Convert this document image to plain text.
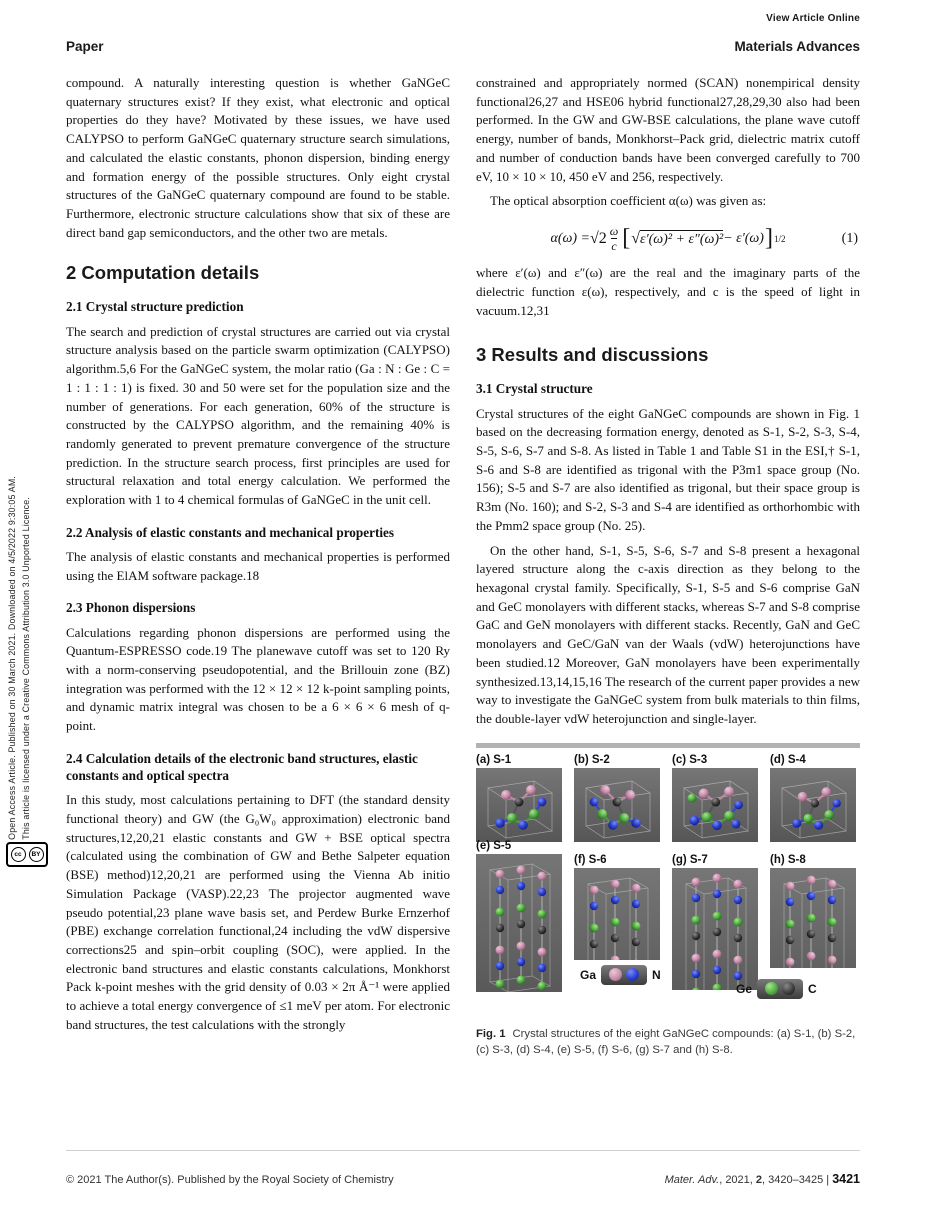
View Article Online
Paper	Materials Advances
Open Access Article. Published on 30 March 2021. Downloaded on 4/5/2022 9:30:05 AM. This article is licensed under a Creative Commons Attribution 3.0 Unported Licence.
cc	BY

compound. A naturally interesting question is whether GaNGeC quaternary structures exist? If they exist, what electronic and optical properties do they have? Motivated by these issues, we have used CALYPSO to perform GaNGeC quaternary structure search simulations, and calculated the elastic constants, phonon dispersion, binding energy and formation energy of the possible structures. Only eight crystal structures of the GaNGeC quaternary compound are found to be stable. Furthermore, electronic structure calculations show that six of these are direct band gap semiconductors, and the other two are metals.

2 Computation details
2.1 Crystal structure prediction

The search and prediction of crystal structures are carried out via crystal structure analysis based on the particle swarm optimization (CALYPSO) algorithm.5,6 For the GaNGeC system, the molar ratio (Ga : N : Ge : C = 1 : 1 : 1 : 1) is fixed. 30 and 50 were set for the population size and the number of generations. For each generation, 60% of the structure is constructed by the CALYPSO algorithm, and the remaining 40% is randomly generated to prevent premature convergence of the structure prediction. In the structure search process, first principles are used for structural relaxation and total energy calculation. We performed the exploration with 1 to 4 chemical formulas of GaNGeC in the unit cell.

2.2 Analysis of elastic constants and mechanical properties

The analysis of elastic constants and mechanical properties is performed using the ElAM software package.18

2.3 Phonon dispersions

Calculations regarding phonon dispersions are performed using the Quantum-ESPRESSO code.19 The planewave cutoff was set to 120 Ry with a norm-conserving pseudopotential, and the Brillouin zone (BZ) integration was performed with the 12 × 12 × 12 k-point sampling points, and dynamic matrix integral was chosen to be a 6 × 6 × 6 mesh of q-point.

2.4 Calculation details of the electronic band structures, elastic constants and optical spectra

In this study, most calculations pertaining to DFT (the standard density functional theory) and GW (the G₀W₀ approximation) electronic band structures,12,20,21 elastic constants and GW + BSE optical spectra (calculated using the combination of GW and Bethe Salpeter equation (BSE) method)12,20,21 are performed using the Vienna Ab initio Simulation Package (VASP).22,23 The projector augmented wave pseudo potential,23 plane wave basis set, and Perdew Burke Ernzerhof (PBE) exchange correlation functional,24 including the vdW dispersive corrections25 and spin–orbit coupling (SOC), were applied. In the electronic band structures and elastic constants calculations, Monkhorst Pack k-point meshes with the grid density of 0.03 × 2π Å⁻¹ were applied to achieve a total energy convergence of ≤1 meV per atom. For electronic band structures, the test calculations with the strongly

constrained and appropriately normed (SCAN) nonempirical density functional26,27 and HSE06 hybrid functional27,28,29,30 also had been performed. In the GW and GW-BSE calculations, the plane wave cutoff energy, number of bands, Monkhorst–Pack grid, dielectric matrix cutoff and number of conduction bands have been converged carefully to 700 eV, 10 × 10 × 10, 450 eV and 256, respectively.

The optical absorption coefficient α(ω) was given as:

$\alpha(\omega) = √2 \frac{\omega}{c}$ [ √ ε′(ω)² + ε″(ω)² − ε′(ω) ] 1/2	(1)

where ε′(ω) and ε″(ω) are the real and the imaginary parts of the dielectric function ε(ω), respectively, and c is the speed of light in vacuum.12,31

3 Results and discussions
3.1 Crystal structure

Crystal structures of the eight GaNGeC compounds are shown in Fig. 1 based on the decreasing formation energy, denoted as S-1, S-2, S-3, S-4, S-5, S-6, S-7 and S-8. As listed in Table 1 and Table S1 in the ESI,† S-1, S-6 and S-8 are identified as trigonal with the P3m1 space group (No. 156); S-5 and S-7 are also identified as trigonal, but their space group is R3m (No. 160); and S-2, S-3 and S-4 are identified as orthorhombic with the Pmm2 space group (No. 25).

On the other hand, S-1, S-5, S-6, S-7 and S-8 present a hexagonal layered structure along the c-axis direction as they belong to the hexagonal crystal family. Specifically, S-1, S-5 and S-6 comprise GaN and GeC monolayers with different stacks, whereas S-7 and S-8 comprise GaC and GeN monolayers with different stacks. Recently, GaN and GeC monolayers and GeC/GaN van der Waals (vdW) heterojunctions have been studied.12 Moreover, GaN monolayers have been experimentally synthesized.13,14,15,16 The research of the current paper provides a new way to investigate the GaNGeC system from bulk materials to thin films, the double-layer vdW heterojunction and single-layer.

(a) S-1	(b) S-2	(c) S-3	(d) S-4
(e) S-5
(f) S-6	(g) S-7	(h) S-8
Ga	N
Ge	C

Fig. 1 Crystal structures of the eight GaNGeC compounds: (a) S-1, (b) S-2, (c) S-3, (d) S-4, (e) S-5, (f) S-6, (g) S-7 and (h) S-8.

© 2021 The Author(s). Published by the Royal Society of Chemistry	Mater. Adv., 2021, 2, 3420–3425 | 3421
